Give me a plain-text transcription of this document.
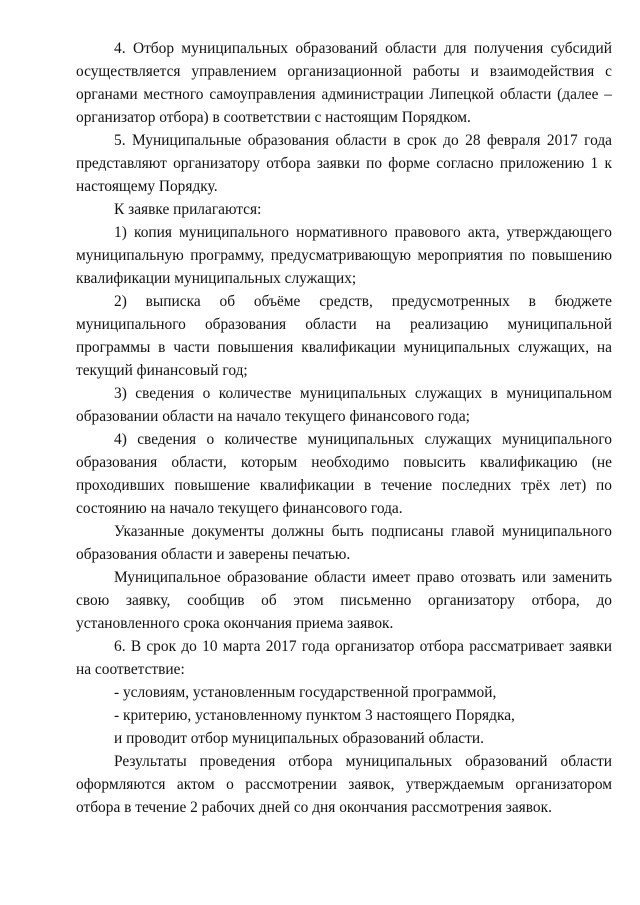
4. Отбор муниципальных образований области для получения субсидий осуществляется управлением организационной работы и взаимодействия с органами местного самоуправления администрации Липецкой области (далее – организатор отбора) в соответствии с настоящим Порядком.

5. Муниципальные образования области в срок до 28 февраля 2017 года представляют организатору отбора заявки по форме согласно приложению 1 к настоящему Порядку.

К заявке прилагаются:

1) копия муниципального нормативного правового акта, утверждающего муниципальную программу, предусматривающую мероприятия по повышению квалификации муниципальных служащих;

2) выписка об объёме средств, предусмотренных в бюджете муниципального образования области на реализацию муниципальной программы в части повышения квалификации муниципальных служащих, на текущий финансовый год;

3) сведения о количестве муниципальных служащих в муниципальном образовании области на начало текущего финансового года;

4) сведения о количестве муниципальных служащих муниципального образования области, которым необходимо повысить квалификацию (не проходивших повышение квалификации в течение последних трёх лет) по состоянию на начало текущего финансового года.

Указанные документы должны быть подписаны главой муниципального образования области и заверены печатью.

Муниципальное образование области имеет право отозвать или заменить свою заявку, сообщив об этом письменно организатору отбора, до установленного срока окончания приема заявок.

6. В срок до 10 марта 2017 года организатор отбора рассматривает заявки на соответствие:

- условиям, установленным государственной программой,

- критерию, установленному пунктом 3 настоящего Порядка,

и проводит отбор муниципальных образований области.

Результаты проведения отбора муниципальных образований области оформляются актом о рассмотрении заявок, утверждаемым организатором отбора в течение 2 рабочих дней со дня окончания рассмотрения заявок.
